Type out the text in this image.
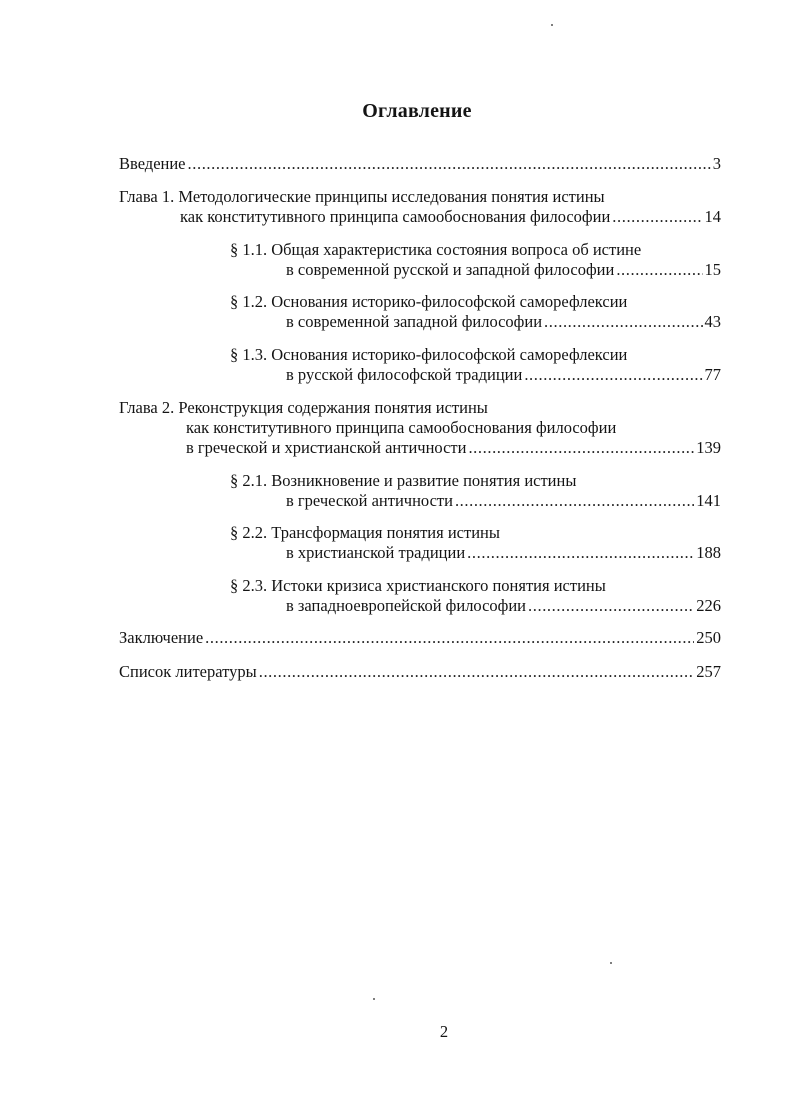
Оглавление
Введение .....	3
Глава 1. Методологические принципы исследования понятия истины
как конститутивного принципа самообоснования философии .....	14
§ 1.1. Общая характеристика состояния вопроса об истине
в современной русской и западной философии .....	15
§ 1.2. Основания историко-философской саморефлексии
в современной западной философии .....	43
§ 1.3. Основания историко-философской саморефлексии
в русской философской традиции .....	77
Глава 2. Реконструкция содержания понятия истины
как конститутивного принципа самообоснования философии
в греческой и христианской античности .....	139
§ 2.1. Возникновение и развитие понятия истины
в греческой античности .....	141
§ 2.2. Трансформация понятия истины
в христианской традиции .....	188
§ 2.3. Истоки кризиса христианского понятия истины
в западноевропейской философии .....	226
Заключение .....	250
Список литературы .....	257
2
